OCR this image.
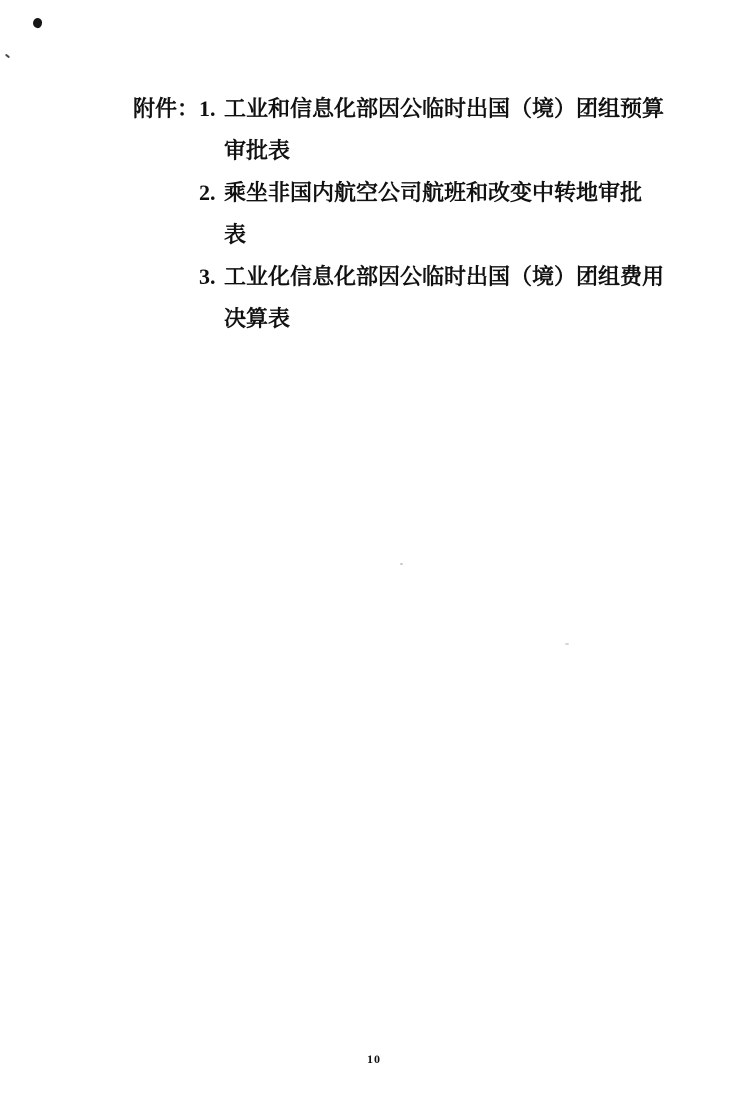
附件： 1. 工业和信息化部因公临时出国（境）团组预算
审批表
2. 乘坐非国内航空公司航班和改变中转地审批
表
3. 工业化信息化部因公临时出国（境）团组费用
决算表
10
